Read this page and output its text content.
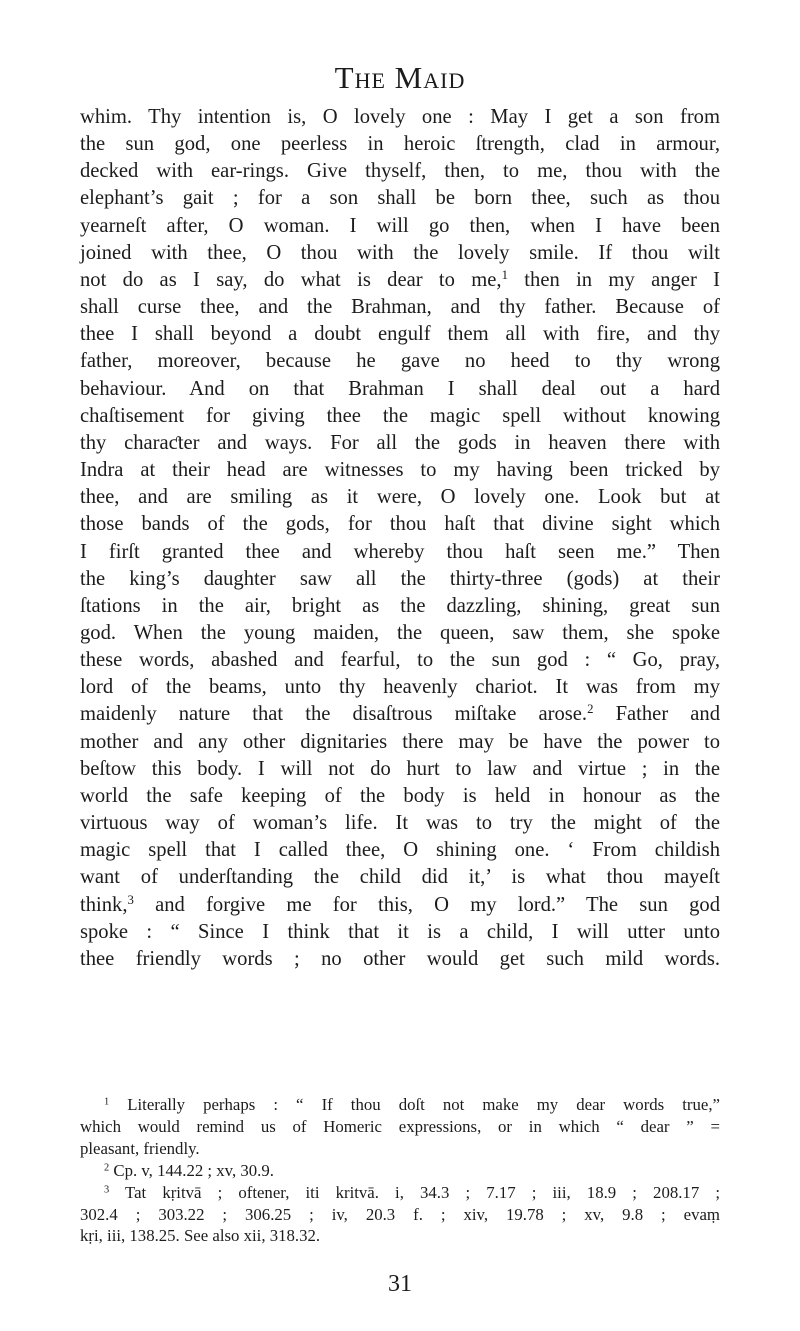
The Maid
whim. Thy intention is, O lovely one : May I get a son from
the sun god, one peerless in heroic ſtrength, clad in armour,
decked with ear-rings. Give thyself, then, to me, thou with the
elephant’s gait ; for a son shall be born thee, such as thou
yearneſt after, O woman. I will go then, when I have been
joined with thee, O thou with the lovely smile. If thou wilt
not do as I say, do what is dear to me,$^1$ then in my anger I
shall curse thee, and the Brahman, and thy father. Because of
thee I shall beyond a doubt engulf them all with fire, and thy
father, moreover, because he gave no heed to thy wrong
behaviour. And on that Brahman I shall deal out a hard
chaſtisement for giving thee the magic spell without knowing
thy charaƈter and ways. For all the gods in heaven there with
Indra at their head are witnesses to my having been tricked by
thee, and are smiling as it were, O lovely one. Look but at
those bands of the gods, for thou haſt that divine sight which
I firſt granted thee and whereby thou haſt seen me.” Then
the king’s daughter saw all the thirty-three (gods) at their
ſtations in the air, bright as the dazzling, shining, great sun
god. When the young maiden, the queen, saw them, she spoke
these words, abashed and fearful, to the sun god : “ Go, pray,
lord of the beams, unto thy heavenly chariot. It was from my
maidenly nature that the disaſtrous miſtake arose.$^2$ Father and
mother and any other dignitaries there may be have the power to
beſtow this body. I will not do hurt to law and virtue ; in the
world the safe keeping of the body is held in honour as the
virtuous way of woman’s life. It was to try the might of the
magic spell that I called thee, O shining one. ‘ From childish
want of underſtanding the child did it,’ is what thou mayeſt
think,$^3$ and forgive me for this, O my lord.” The sun god
spoke : “ Since I think that it is a child, I will utter unto
thee friendly words ; no other would get such mild words.
$^1$ Literally perhaps : “ If thou doſt not make my dear words true,”
which would remind us of Homeric expressions, or in which “ dear ” =
pleasant, friendly.
$^2$ Cp. v, 144.22 ; xv, 30.9.
$^3$ Tat kṛitvā ; oftener, iti kritvā. i, 34.3 ; 7.17 ; iii, 18.9 ; 208.17 ;
302.4 ; 303.22 ; 306.25 ; iv, 20.3 f. ; xiv, 19.78 ; xv, 9.8 ; evaṃ
kṛi, iii, 138.25. See also xii, 318.32.
31
